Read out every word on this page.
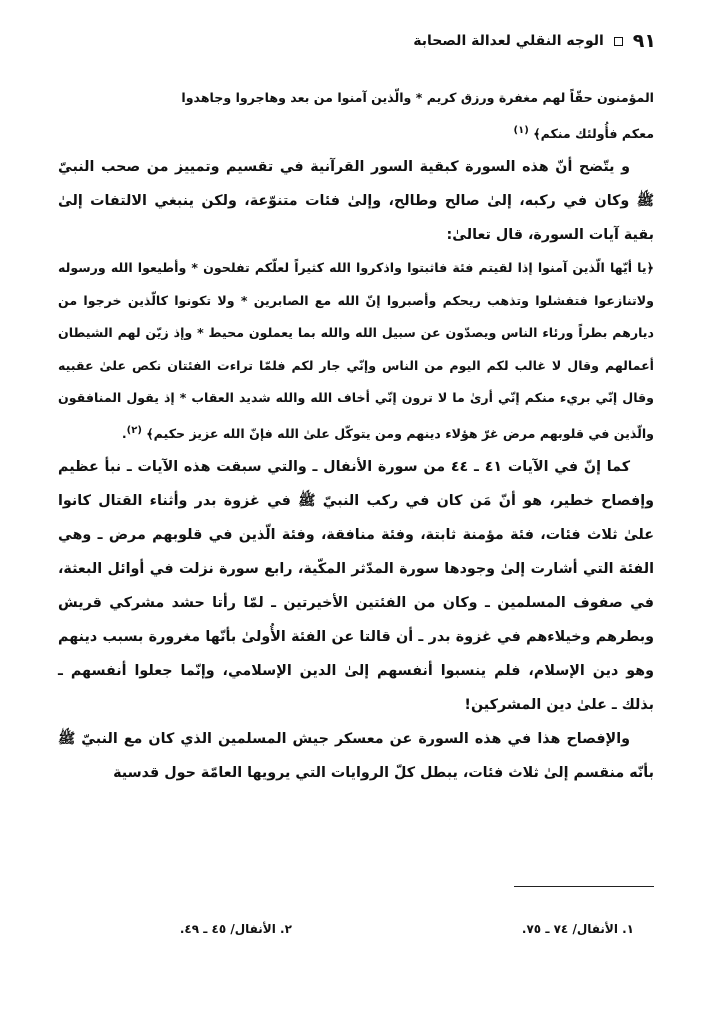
٩١
الوجه النقلي لعدالة الصحابة

المؤمنون حقّاً لهم مغفرة ورزق كريم * والّذين آمنوا من بعد وهاجروا وجاهدوا

معكم فأُولئك منكم﴾ $^{(١)}$

و يتّضح أنّ هذه السورة كبقية السور القرآنية في تقسيم وتمييز من صحب النبيّ ﷺ وكان في ركبه، إلىٰ صالح وطالح، وإلىٰ فئات متنوّعة، ولكن ينبغي الالتفات إلىٰ بقية آيات السورة، قال تعالىٰ:

﴿يا أيّها الّذين آمنوا إذا لقيتم فئة فاثبتوا واذكروا الله كثيراً لعلّكم تفلحون * وأطيعوا الله ورسوله ولاتنازعوا فتفشلوا وتذهب ريحكم وأصبروا إنّ الله مع الصابرين * ولا تكونوا كالّذين خرجوا من ديارهم بطراً ورئاء الناس ويصدّون عن سبيل الله والله بما يعملون محيط * وإذ زيّن لهم الشيطان أعمالهم وقال لا غالب لكم اليوم من الناس وإنّي جار لكم فلمّا تراءت الفئتان نكص علىٰ عقبيه وقال إنّي بريء منكم إنّي أرىٰ ما لا ترون إنّي أخاف الله والله شديد العقاب * إذ يقول المنافقون والّذين في قلوبهم مرض غرّ هؤلاء دينهم ومن يتوكّل علىٰ الله فإنّ الله عزيز حكيم﴾ $^{(٢)}$.

كما إنّ في الآيات ٤١ ـ ٤٤ من سورة الأنفال ـ والتي سبقت هذه الآيات ـ نبأ عظيم وإفصاح خطير، هو أنّ مَن كان في ركب النبيّ ﷺ في غزوة بدر وأثناء القتال كانوا علىٰ ثلاث فئات، فئة مؤمنة ثابتة، وفئة منافقة، وفئة الّذين في قلوبهم مرض ـ وهي الفئة التي أشارت إلىٰ وجودها سورة المدّثر المكّية، رابع سورة نزلت في أوائل البعثة، في صفوف المسلمين ـ وكان من الفئتين الأخيرتين ـ لمّا رأتا حشد مشركي قريش وبطرهم وخيلاءهم في غزوة بدر ـ أن قالتا عن الفئة الأُولىٰ بأنّها مغرورة بسبب دينهم وهو دين الإسلام، فلم ينسبوا أنفسهم إلىٰ الدين الإسلامي، وإنّما جعلوا أنفسهم ـ بذلك ـ علىٰ دين المشركين!

والإفصاح هذا في هذه السورة عن معسكر جيش المسلمين الذي كان مع النبيّ ﷺ بأنّه منقسم إلىٰ ثلاث فئات، يبطل كلّ الروايات التي يرويها العامّة حول قدسية

١. الأنفال/ ٧٤ ـ ٧٥.
٢. الأنفال/ ٤٥ ـ ٤٩.
